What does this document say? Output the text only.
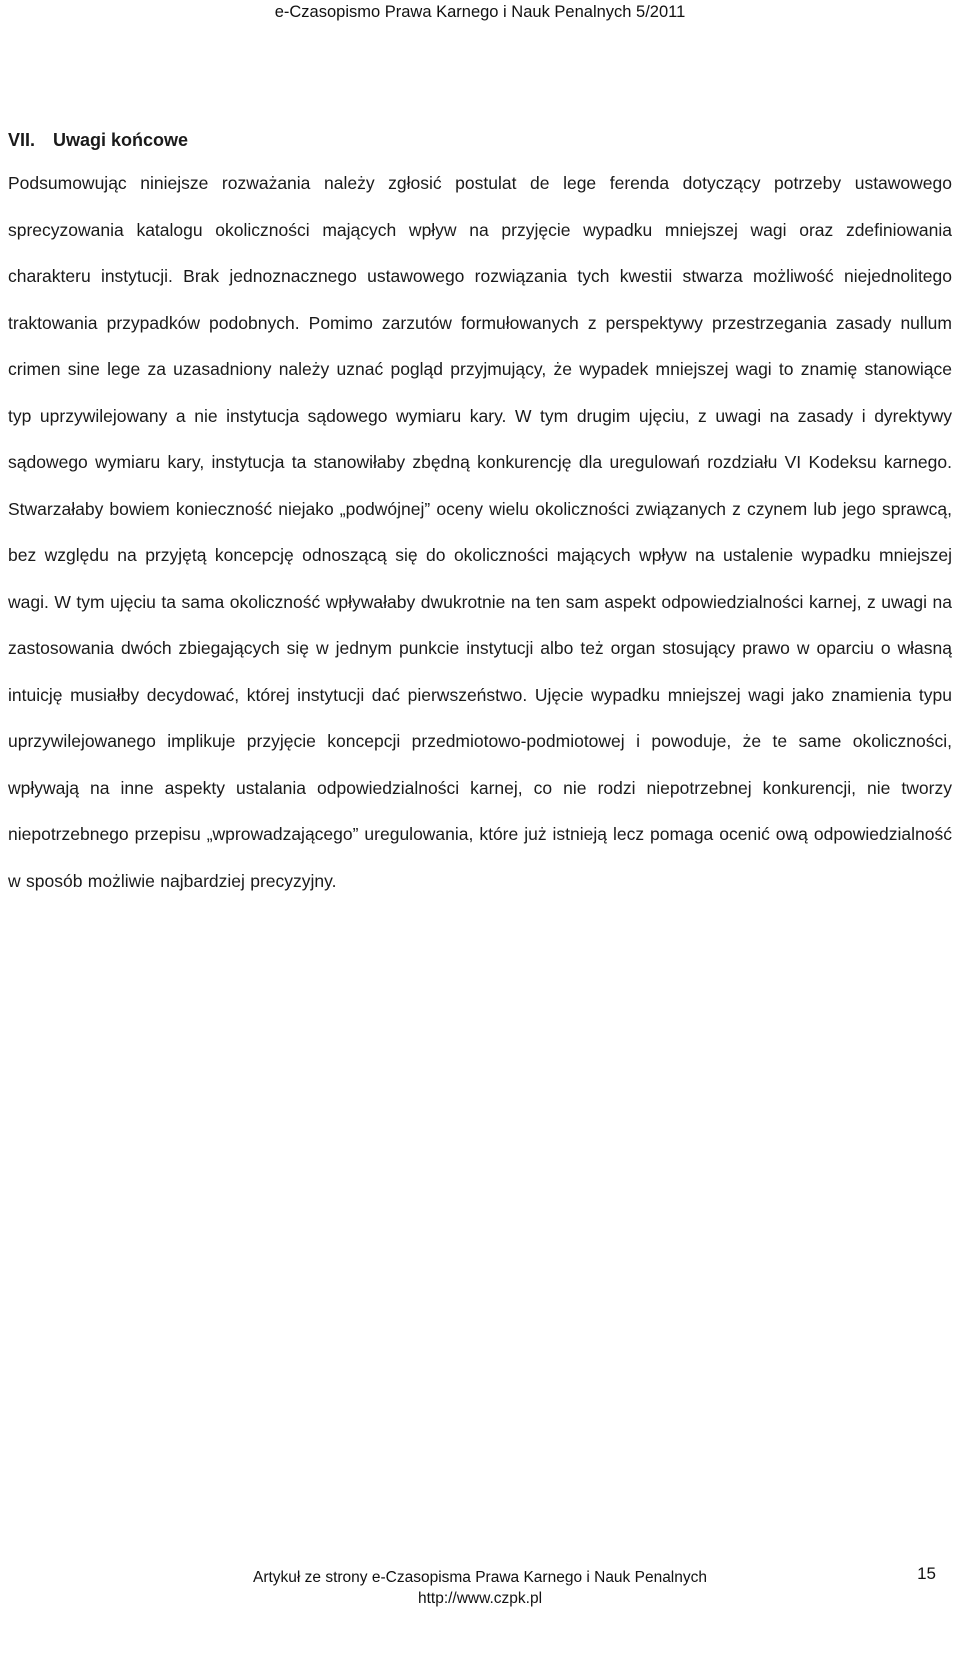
e-Czasopismo Prawa Karnego i Nauk Penalnych 5/2011
VII. Uwagi końcowe

Podsumowując niniejsze rozważania należy zgłosić postulat de lege ferenda dotyczący potrzeby ustawowego sprecyzowania katalogu okoliczności mających wpływ na przyjęcie wypadku mniejszej wagi oraz zdefiniowania charakteru instytucji. Brak jednoznacznego ustawowego rozwiązania tych kwestii stwarza możliwość niejednolitego traktowania przypadków podobnych. Pomimo zarzutów formułowanych z perspektywy przestrzegania zasady nullum crimen sine lege za uzasadniony należy uznać pogląd przyjmujący, że wypadek mniejszej wagi to znamię stanowiące typ uprzywilejowany a nie instytucja sądowego wymiaru kary. W tym drugim ujęciu, z uwagi na zasady i dyrektywy sądowego wymiaru kary, instytucja ta stanowiłaby zbędną konkurencję dla uregulowań rozdziału VI Kodeksu karnego. Stwarzałaby bowiem konieczność niejako „podwójnej” oceny wielu okoliczności związanych z czynem lub jego sprawcą, bez względu na przyjętą koncepcję odnoszącą się do okoliczności mających wpływ na ustalenie wypadku mniejszej wagi. W tym ujęciu ta sama okoliczność wpływałaby dwukrotnie na ten sam aspekt odpowiedzialności karnej, z uwagi na zastosowania dwóch zbiegających się w jednym punkcie instytucji albo też organ stosujący prawo w oparciu o własną intuicję musiałby decydować, której instytucji dać pierwszeństwo. Ujęcie wypadku mniejszej wagi jako znamienia typu uprzywilejowanego implikuje przyjęcie koncepcji przedmiotowo-podmiotowej i powoduje, że te same okoliczności, wpływają na inne aspekty ustalania odpowiedzialności karnej, co nie rodzi niepotrzebnej konkurencji, nie tworzy niepotrzebnego przepisu „wprowadzającego” uregulowania, które już istnieją lecz pomaga ocenić ową odpowiedzialność w sposób możliwie najbardziej precyzyjny.

Artykuł ze strony e-Czasopisma Prawa Karnego i Nauk Penalnych
http://www.czpk.pl
15
